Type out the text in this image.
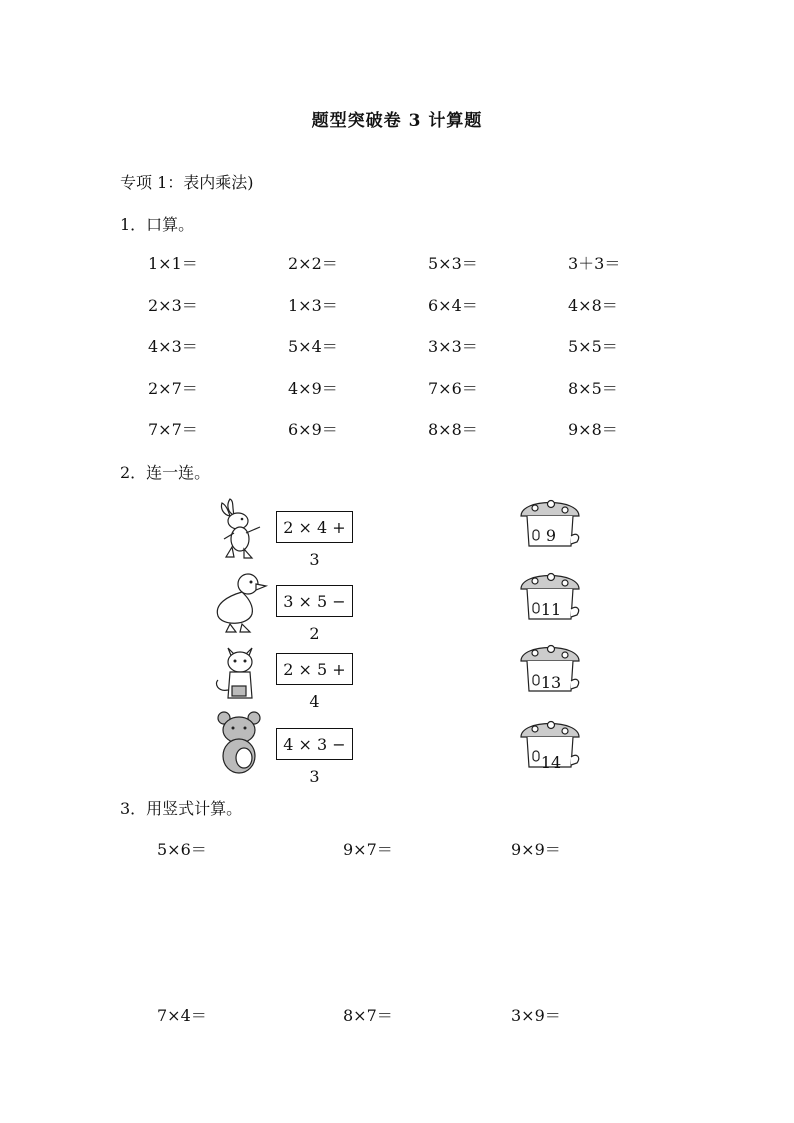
题型突破卷 3 计算题
专项 1：表内乘法)
1．口算。
1×1＝	2×2＝	5×3＝	3＋3＝
2×3＝	1×3＝	6×4＝	4×8＝
4×3＝	5×4＝	3×3＝	5×5＝
2×7＝	4×9＝	7×6＝	8×5＝
7×7＝	6×9＝	8×8＝	9×8＝
2．连一连。
2 × 4 + 3
9
3 × 5 − 2
11
2 × 5 + 4
13
4 × 3 − 3
14
3．用竖式计算。
5×6＝	9×7＝	9×9＝
7×4＝	8×7＝	3×9＝
